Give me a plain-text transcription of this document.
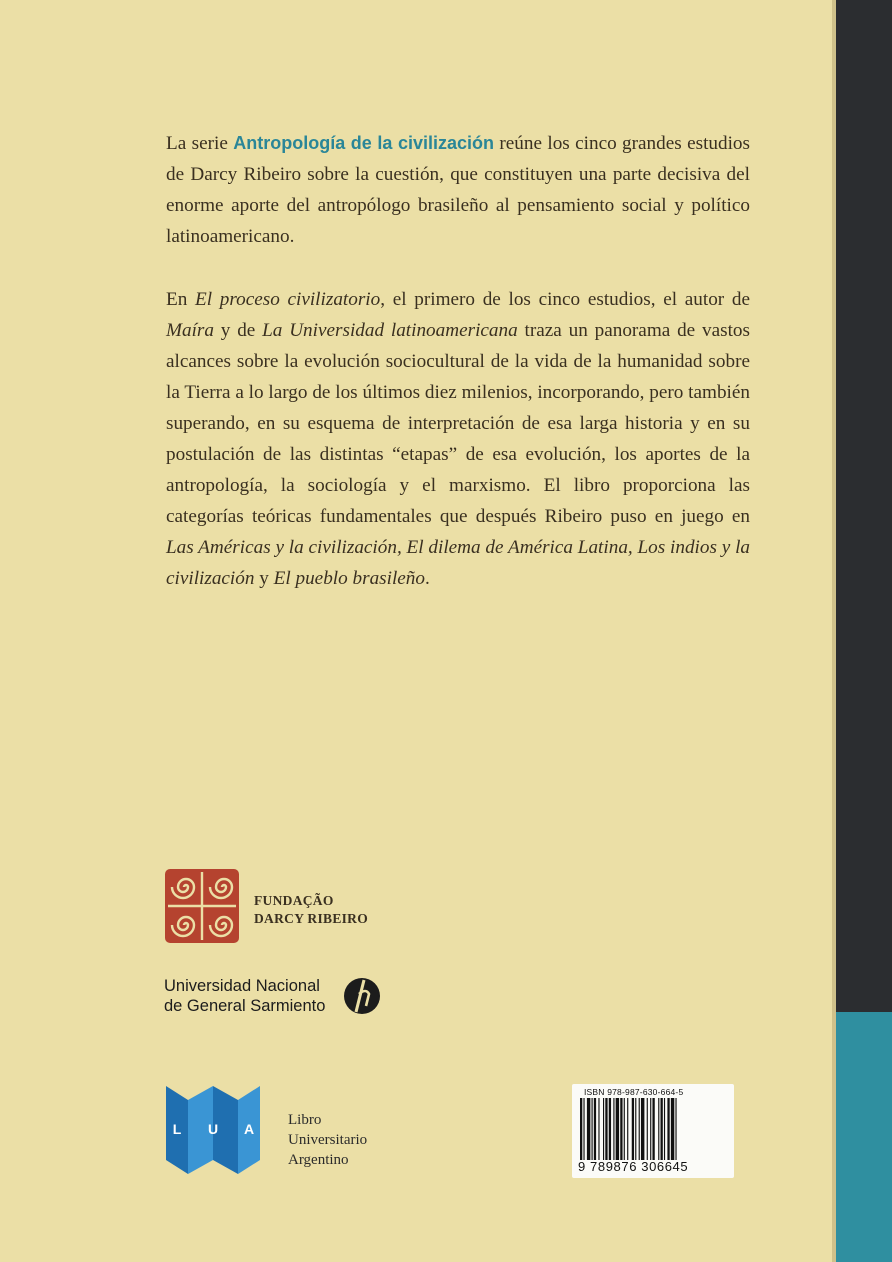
La serie Antropología de la civilización reúne los cinco grandes estudios de Darcy Ribeiro sobre la cuestión, que constituyen una parte decisiva del enorme aporte del antropólogo brasileño al pensamiento social y político latinoamericano.

En El proceso civilizatorio, el primero de los cinco estudios, el autor de Maíra y de La Universidad latinoamericana traza un panorama de vastos alcances sobre la evolución sociocultural de la vida de la humanidad sobre la Tierra a lo largo de los últimos diez milenios, incorporando, pero también superando, en su esquema de interpretación de esa larga historia y en su postulación de las distintas “etapas” de esa evolución, los aportes de la antropología, la sociología y el marxismo. El libro proporciona las categorías teóricas fundamentales que después Ribeiro puso en juego en Las Américas y la civilización, El dilema de América Latina, Los indios y la civilización y El pueblo brasileño.

FUNDAÇÃO
DARCY RIBEIRO
Universidad Nacional
de General Sarmiento
L U A
Libro
Universitario
Argentino
ISBN 978-987-630-664-5
9 789876 306645
